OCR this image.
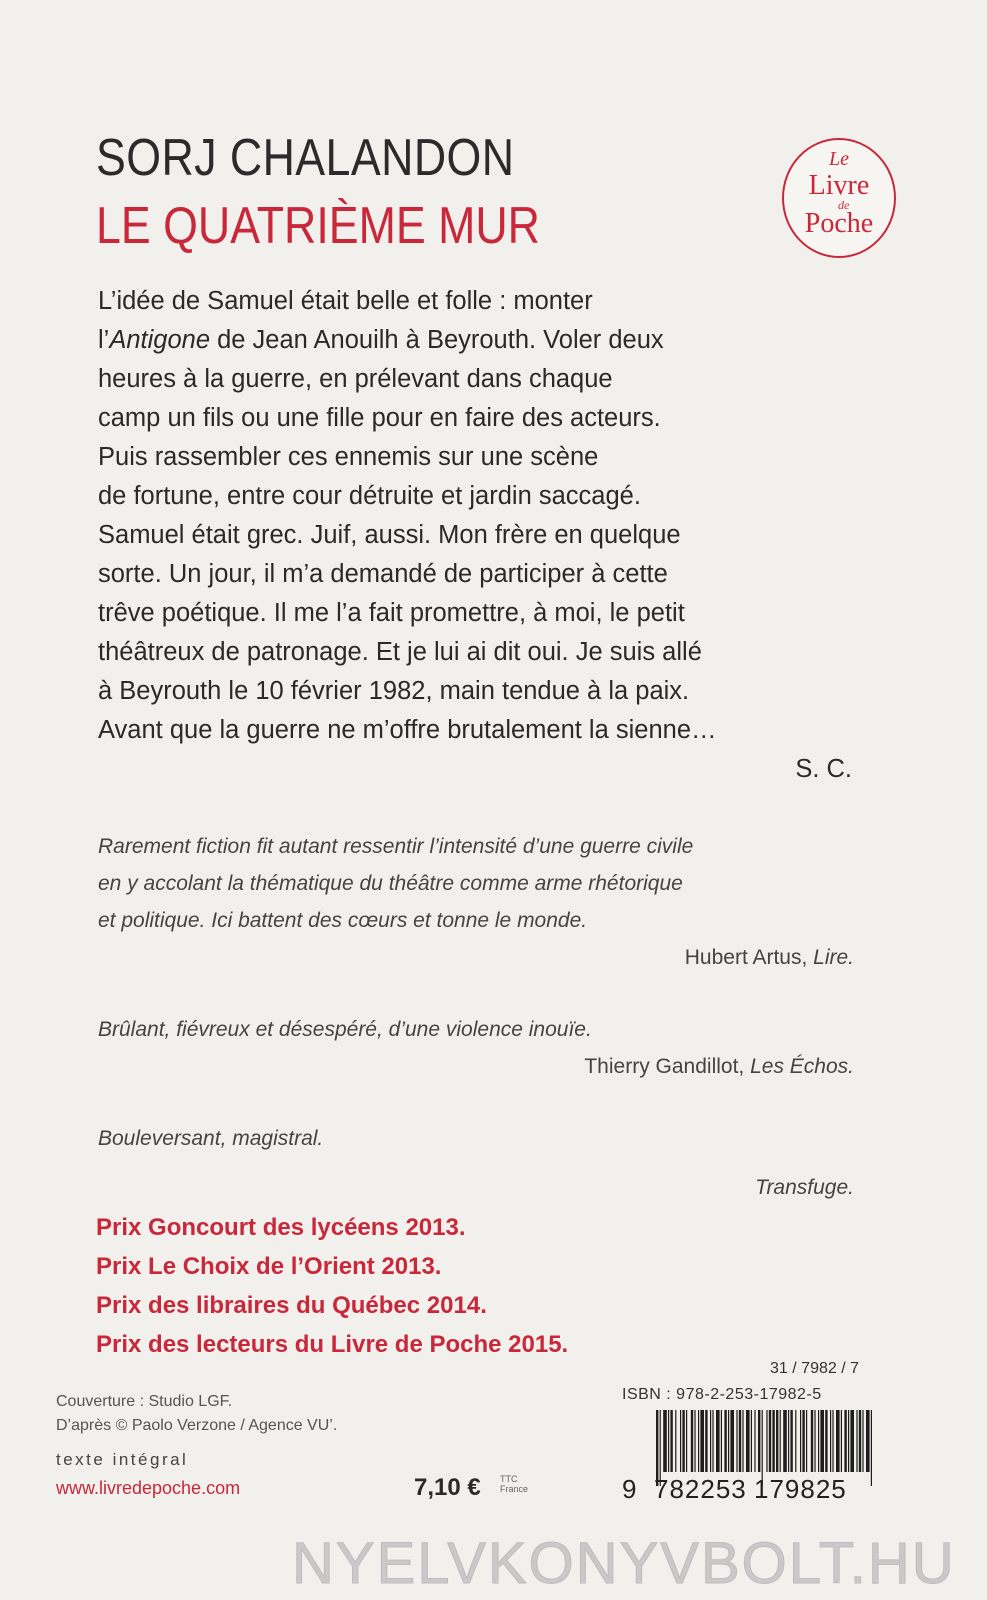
SORJ CHALANDON
LE QUATRIÈME MUR
Le
Livre
de
Poche
L’idée de Samuel était belle et folle : monter
l’Antigone de Jean Anouilh à Beyrouth. Voler deux
heures à la guerre, en prélevant dans chaque
camp un fils ou une fille pour en faire des acteurs.
Puis rassembler ces ennemis sur une scène
de fortune, entre cour détruite et jardin saccagé.
Samuel était grec. Juif, aussi. Mon frère en quelque
sorte. Un jour, il m’a demandé de participer à cette
trêve poétique. Il me l’a fait promettre, à moi, le petit
théâtreux de patronage. Et je lui ai dit oui. Je suis allé
à Beyrouth le 10 février 1982, main tendue à la paix.
Avant que la guerre ne m’offre brutalement la sienne…
S. C.

Rarement fiction fit autant ressentir l’intensité d’une guerre civile
en y accolant la thématique du théâtre comme arme rhétorique
et politique. Ici battent des cœurs et tonne le monde.

Hubert Artus, Lire.

Brûlant, fiévreux et désespéré, d’une violence inouïe.

Thierry Gandillot, Les Échos.

Bouleversant, magistral.

Transfuge.

Prix Goncourt des lycéens 2013.
Prix Le Choix de l’Orient 2013.
Prix des libraires du Québec 2014.
Prix des lecteurs du Livre de Poche 2015.
Couverture : Studio LGF.
D’après © Paolo Verzone / Agence VU’.
texte intégral
www.livredepoche.com	7,10 € TTC
France
31 / 7982 / 7
ISBN : 978-2-253-17982-5
9 782253 179825
NYELVKONYVBOLT.HU
